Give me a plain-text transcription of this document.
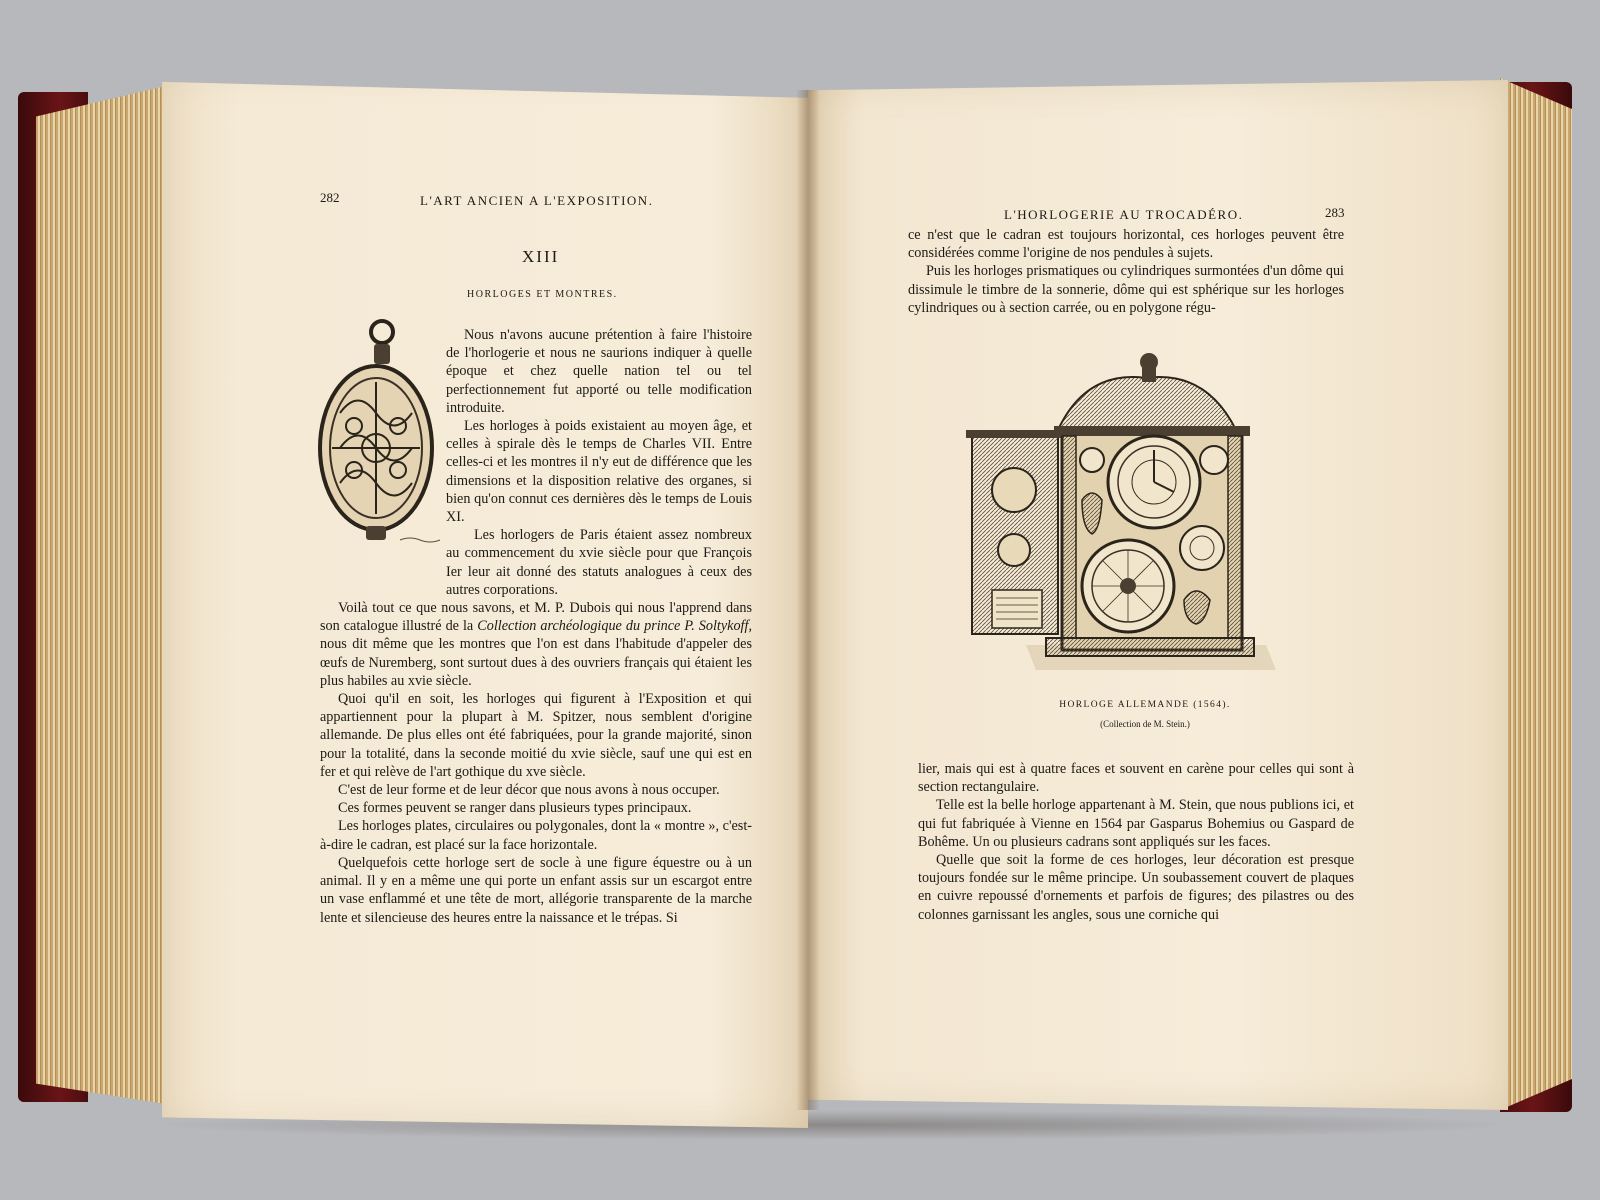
282	L'ART ANCIEN A L'EXPOSITION.
XIII
HORLOGES ET MONTRES.

Nous n'avons aucune prétention à faire l'histoire de l'horlogerie et nous ne saurions indiquer à quelle époque et chez quelle nation tel ou tel perfectionnement fut apporté ou telle modification introduite.

Les horloges à poids existaient au moyen âge, et celles à spirale dès le temps de Charles VII. Entre celles-ci et les montres il n'y eut de différence que les dimensions et la disposition relative des organes, si bien qu'on connut ces dernières dès le temps de Louis XI.

Les horlogers de Paris étaient assez nombreux au commencement du xvie siècle pour que François Ier leur ait donné des statuts analogues à ceux des autres corporations.

Voilà tout ce que nous savons, et M. P. Dubois qui nous l'apprend dans son catalogue illustré de la Collection archéologique du prince P. Soltykoff, nous dit même que les montres que l'on est dans l'habitude d'appeler des œufs de Nuremberg, sont surtout dues à des ouvriers français qui étaient les plus habiles au xvie siècle.

Quoi qu'il en soit, les horloges qui figurent à l'Exposition et qui appartiennent pour la plupart à M. Spitzer, nous semblent d'origine allemande. De plus elles ont été fabriquées, pour la grande majorité, sinon pour la totalité, dans la seconde moitié du xvie siècle, sauf une qui est en fer et qui relève de l'art gothique du xve siècle.

C'est de leur forme et de leur décor que nous avons à nous occuper.

Ces formes peuvent se ranger dans plusieurs types principaux.

Les horloges plates, circulaires ou polygonales, dont la « montre », c'est-à-dire le cadran, est placé sur la face horizontale.

Quelquefois cette horloge sert de socle à une figure équestre ou à un animal. Il y en a même une qui porte un enfant assis sur un escargot entre un vase enflammé et une tête de mort, allégorie transparente de la marche lente et silencieuse des heures entre la naissance et le trépas. Si

L'HORLOGERIE AU TROCADÉRO.	283

ce n'est que le cadran est toujours horizontal, ces horloges peuvent être considérées comme l'origine de nos pendules à sujets.

Puis les horloges prismatiques ou cylindriques surmontées d'un dôme qui dissimule le timbre de la sonnerie, dôme qui est sphérique sur les horloges cylindriques ou à section carrée, ou en polygone régu-

HORLOGE ALLEMANDE (1564).
(Collection de M. Stein.)

lier, mais qui est à quatre faces et souvent en carène pour celles qui sont à section rectangulaire.

Telle est la belle horloge appartenant à M. Stein, que nous publions ici, et qui fut fabriquée à Vienne en 1564 par Gasparus Bohemius ou Gaspard de Bohême. Un ou plusieurs cadrans sont appliqués sur les faces.

Quelle que soit la forme de ces horloges, leur décoration est presque toujours fondée sur le même principe. Un soubassement couvert de plaques en cuivre repoussé d'ornements et parfois de figures; des pilastres ou des colonnes garnissant les angles, sous une corniche qui
